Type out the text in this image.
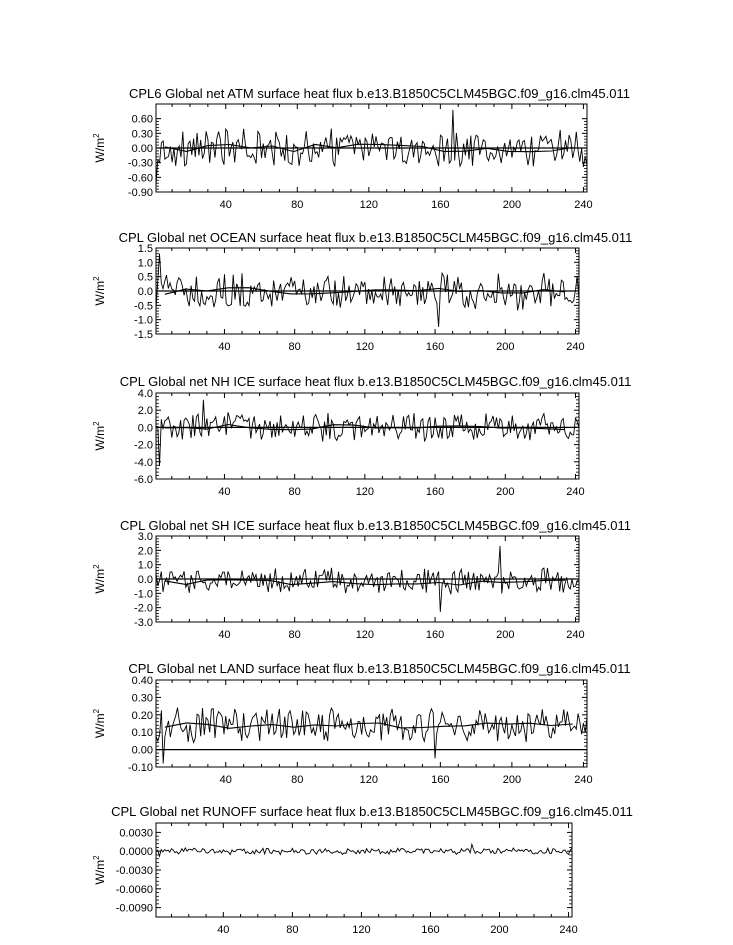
CPL6 Global net ATM surface heat flux b.e13.B1850C5CLM45BGC.f09_g16.clm45.011
$W/m^2$
-0.90
-0.60
-0.30
0.00
0.30
0.60
40	80	120	160	200	240
CPL Global net OCEAN surface heat flux b.e13.B1850C5CLM45BGC.f09_g16.clm45.011
$W/m^2$
-1.5
-1.0
-0.5
0.0
0.5
1.0
1.5
40	80	120	160	200	240
CPL Global net NH ICE surface heat flux b.e13.B1850C5CLM45BGC.f09_g16.clm45.011
$W/m^2$
-6.0
-4.0
-2.0
0.0
2.0
4.0
40	80	120	160	200	240
CPL Global net SH ICE surface heat flux b.e13.B1850C5CLM45BGC.f09_g16.clm45.011
$W/m^2$
-3.0
-2.0
-1.0
0.0
1.0
2.0
3.0
40	80	120	160	200	240
CPL Global net LAND surface heat flux b.e13.B1850C5CLM45BGC.f09_g16.clm45.011
$W/m^2$
-0.10
0.00
0.10
0.20
0.30
0.40
40	80	120	160	200	240
CPL Global net RUNOFF surface heat flux b.e13.B1850C5CLM45BGC.f09_g16.clm45.011
$W/m^2$
-0.0090
-0.0060
-0.0030
0.0000
0.0030
40	80	120	160	200	240
